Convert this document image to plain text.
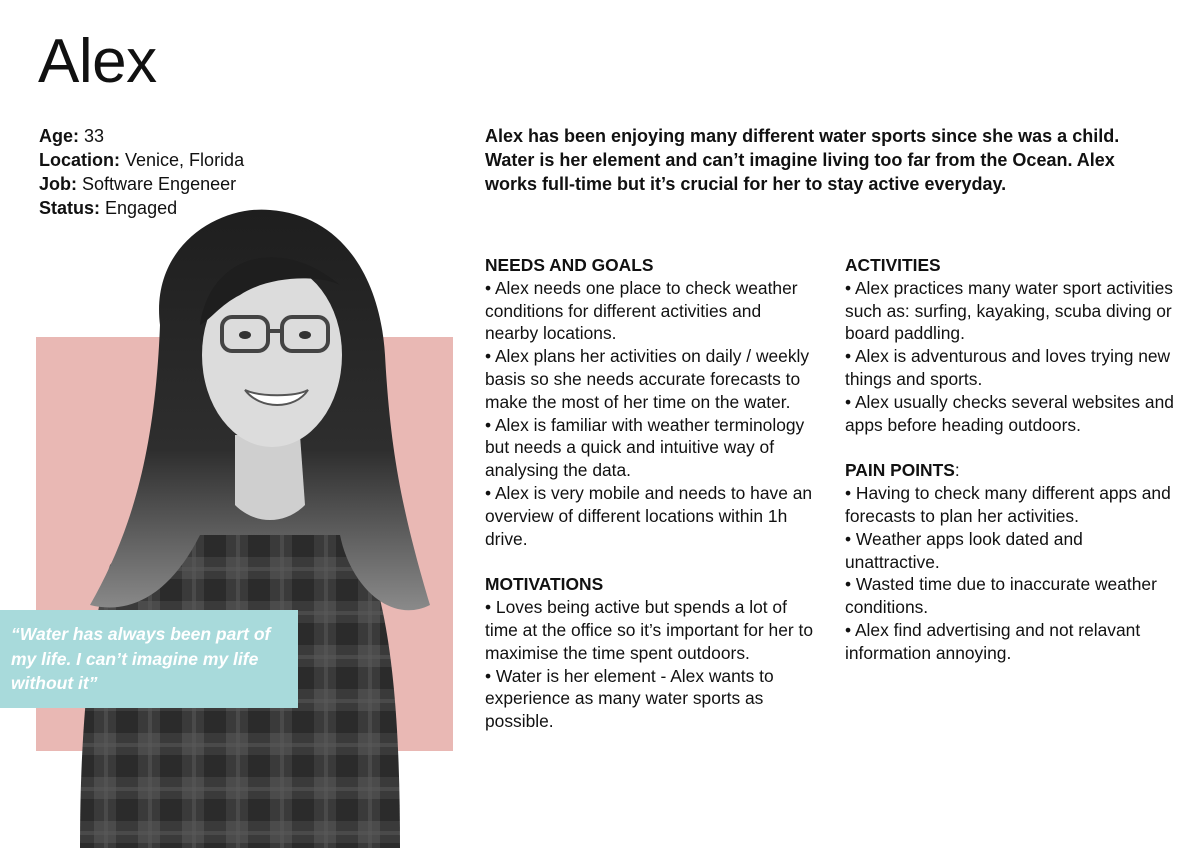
Alex
Age: 33
Location: Venice, Florida
Job: Software Engeneer
Status: Engaged

“Water has always been part of my life. I can’t imagine my life without it”

Alex has been enjoying many different water sports since she was a child. Water is her element and can’t imagine living too far from the Ocean. Alex works full-time but it’s crucial for her to stay active everyday.

NEEDS AND GOALS
• Alex needs one place to check weather conditions for different activities and nearby locations.
• Alex plans her activities on daily / weekly basis so she needs accurate forecasts to make the most of her time on the water.
• Alex is familiar with weather terminology but needs a quick and intuitive way of analysing the data.
• Alex is very mobile and needs to have an overview of different locations within 1h drive.
MOTIVATIONS
• Loves being active but spends a lot of time at the office so it’s important for her to maximise the time spent outdoors.
• Water is her element - Alex wants to experience as many water sports as possible.
ACTIVITIES
• Alex practices many water sport activities such as: surfing, kayaking, scuba diving or board paddling.
• Alex is adventurous and loves trying new things and sports.
• Alex usually checks several websites and apps before heading outdoors.
PAIN POINTS:
• Having to check many different apps and forecasts to plan her activities.
• Weather apps look dated and unattractive.
• Wasted time due to inaccurate weather conditions.
• Alex find advertising and not relavant information annoying.
